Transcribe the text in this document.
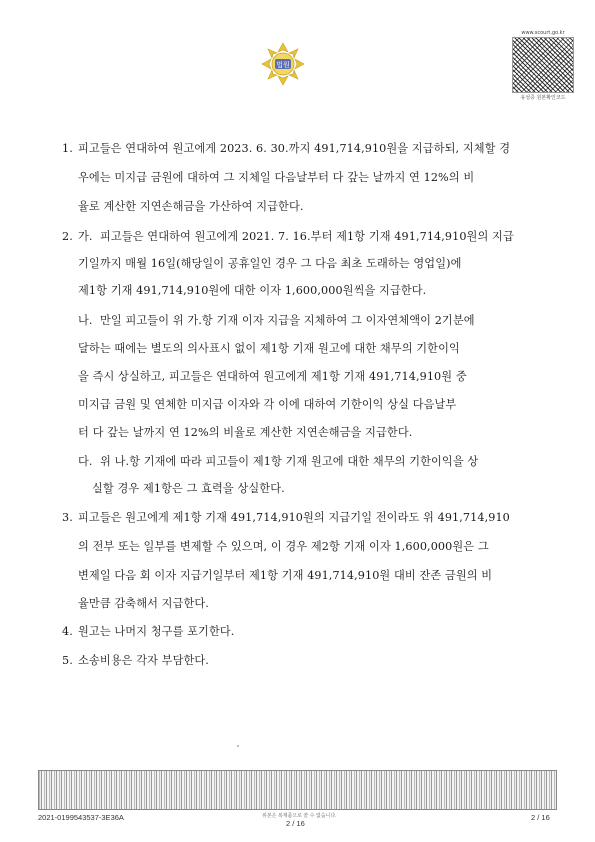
법원
www.scourt.go.kr
유성증 원본확인코드
1. 피고들은 연대하여 원고에게 2023. 6. 30.까지 491,714,910원을 지급하되, 지체할 경
우에는 미지급 금원에 대하여 그 지체일 다음날부터 다 갚는 날까지 연 12%의 비
율로 계산한 지연손해금을 가산하여 지급한다.
2. 가. 피고들은 연대하여 원고에게 2021. 7. 16.부터 제1항 기재 491,714,910원의 지급
기일까지 매월 16일(해당일이 공휴일인 경우 그 다음 최초 도래하는 영업일)에
제1항 기재 491,714,910원에 대한 이자 1,600,000원씩을 지급한다.
나. 만일 피고들이 위 가.항 기재 이자 지급을 지체하여 그 이자연체액이 2기분에
달하는 때에는 별도의 의사표시 없이 제1항 기재 원고에 대한 채무의 기한이익
을 즉시 상실하고, 피고들은 연대하여 원고에게 제1항 기재 491,714,910원 중
미지급 금원 및 연체한 미지급 이자와 각 이에 대하여 기한이익 상실 다음날부
터 다 갚는 날까지 연 12%의 비율로 계산한 지연손해금을 지급한다.
다. 위 나.항 기재에 따라 피고들이 제1항 기재 원고에 대한 채무의 기한이익을 상
실할 경우 제1항은 그 효력을 상실한다.
3. 피고들은 원고에게 제1항 기재 491,714,910원의 지급기일 전이라도 위 491,714,910
의 전부 또는 일부를 변제할 수 있으며, 이 경우 제2항 기재 이자 1,600,000원은 그
변제일 다음 회 이자 지급기일부터 제1항 기재 491,714,910원 대비 잔존 금원의 비
율만큼 감축해서 지급한다.
4. 원고는 나머지 청구를 포기한다.
5. 소송비용은 각자 부담한다.
2021-0199543537-3E36A	위본은 복제품으로 쓸 수 없습니다.
2 / 16
2 / 16
